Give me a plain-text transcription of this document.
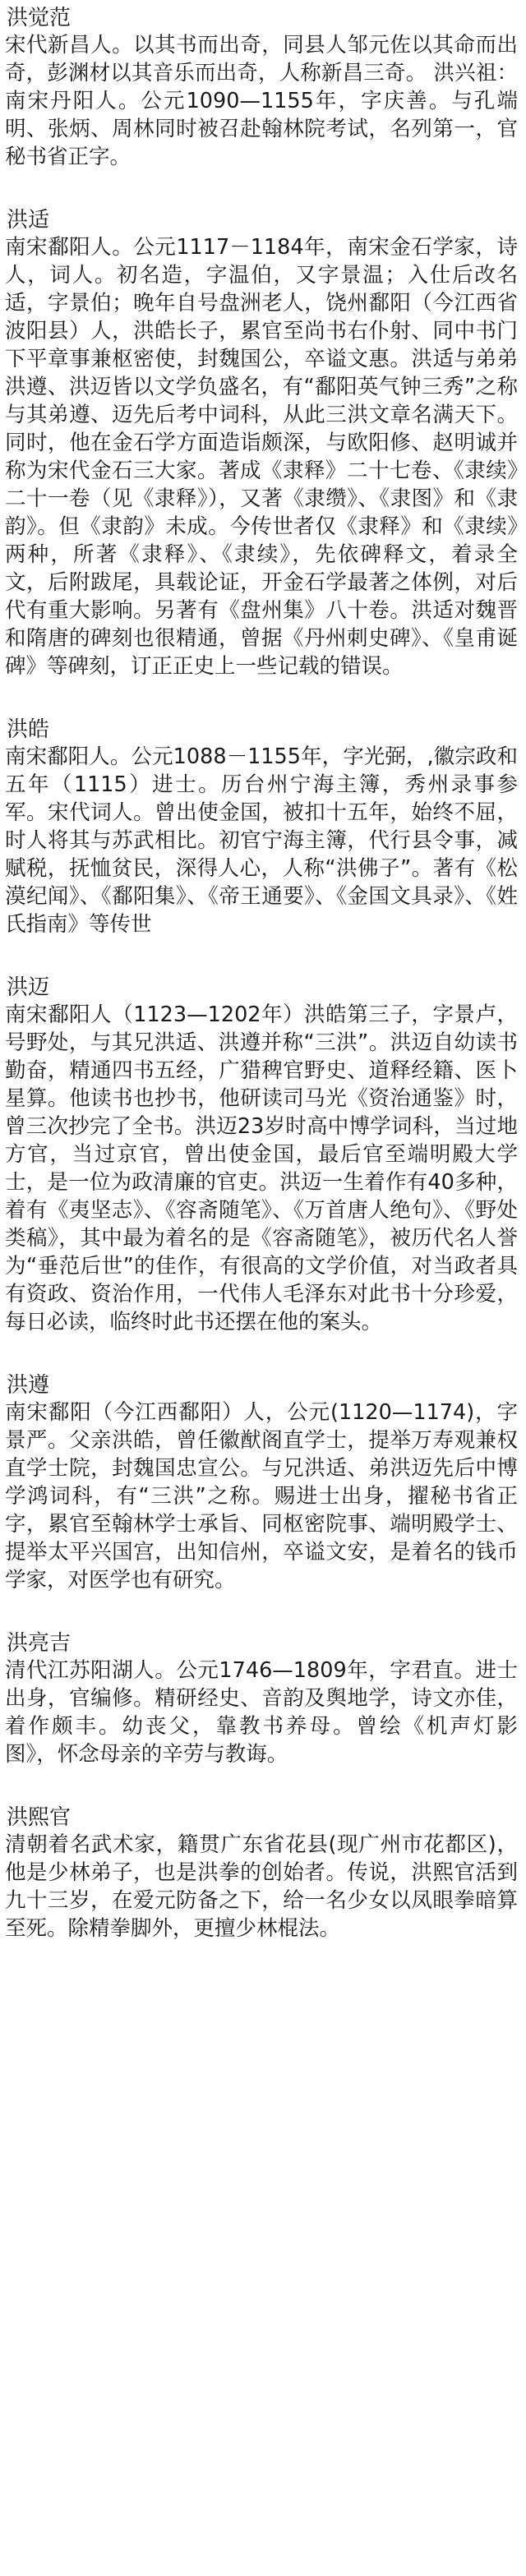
洪觉范

宋代新昌人。以其书而出奇，同县人邹元佐以其命而出奇，彭渊材以其音乐而出奇，人称新昌三奇。 洪兴祖：南宋丹阳人。公元1090—1155年，字庆善。与孔端明、张炳、周林同时被召赴翰林院考试，名列第一，官秘书省正字。

洪适

南宋鄱阳人。公元1117－1184年，南宋金石学家，诗人，词人。初名造，字温伯，又字景温；入仕后改名适，字景伯；晚年自号盘洲老人，饶州鄱阳（今江西省波阳县）人，洪皓长子，累官至尚书右仆射、同中书门下平章事兼枢密使，封魏国公，卒谥文惠。洪适与弟弟洪遵、洪迈皆以文学负盛名，有“鄱阳英气钟三秀”之称与其弟遵、迈先后考中词科，从此三洪文章名满天下。同时，他在金石学方面造诣颇深，与欧阳修、赵明诚并称为宋代金石三大家。著成《隶释》二十七卷、《隶续》二十一卷（见《隶释》），又著《隶缵》、《隶图》和《隶韵》。但《隶韵》未成。今传世者仅《隶释》和《隶续》两种，所著《隶释》、《隶续》，先依碑释文，着录全文，后附跋尾，具载论证，开金石学最著之体例，对后代有重大影响。另著有《盘州集》八十卷。洪适对魏晋和隋唐的碑刻也很精通，曾据《丹州刺史碑》、《皇甫诞碑》等碑刻，订正正史上一些记载的错误。

洪皓

南宋鄱阳人。公元1088－1155年，字光弼，,徽宗政和五年（1115）进士。历台州宁海主簿，秀州录事参军。宋代词人。曾出使金国，被扣十五年，始终不屈，时人将其与苏武相比。初官宁海主簿，代行县令事，减赋税，抚恤贫民，深得人心，人称“洪佛子”。著有《松漠纪闻》、《鄱阳集》、《帝王通要》、《金国文具录》、《姓氏指南》等传世

洪迈

南宋鄱阳人（1123—1202年）洪皓第三子，字景卢，号野处，与其兄洪适、洪遵并称“三洪”。洪迈自幼读书勤奋，精通四书五经，广猎稗官野史、道释经籍、医卜星算。他读书也抄书，他研读司马光《资治通鉴》时，曾三次抄完了全书。洪迈23岁时高中博学词科，当过地方官，当过京官，曾出使金国，最后官至端明殿大学士，是一位为政清廉的官吏。洪迈一生着作有40多种，着有《夷坚志》、《容斋随笔》、《万首唐人绝句》、《野处类稿》，其中最为着名的是《容斋随笔》，被历代名人誉为“垂范后世”的佳作，有很高的文学价值，对当政者具有资政、资治作用，一代伟人毛泽东对此书十分珍爱，每日必读，临终时此书还摆在他的案头。

洪遵

南宋鄱阳（今江西鄱阳）人，公元(1120—1174)，字景严。父亲洪皓，曾任徽猷阁直学士，提举万寿观兼权直学士院，封魏国忠宣公。与兄洪适、弟洪迈先后中博学鸿词科，有“三洪”之称。赐进士出身，擢秘书省正字，累官至翰林学士承旨、同枢密院事、端明殿学士、提举太平兴国宫，出知信州，卒谥文安，是着名的钱币学家，对医学也有研究。

洪亮吉

清代江苏阳湖人。公元1746—1809年，字君直。进士出身，官编修。精研经史、音韵及舆地学，诗文亦佳，着作颇丰。幼丧父，靠教书养母。曾绘《机声灯影图》，怀念母亲的辛劳与教诲。

洪熙官

清朝着名武术家，籍贯广东省花县(现广州市花都区)，他是少林弟子，也是洪拳的创始者。传说，洪熙官活到九十三岁，在爱元防备之下，给一名少女以凤眼拳暗算至死。除精拳脚外，更擅少林棍法。
